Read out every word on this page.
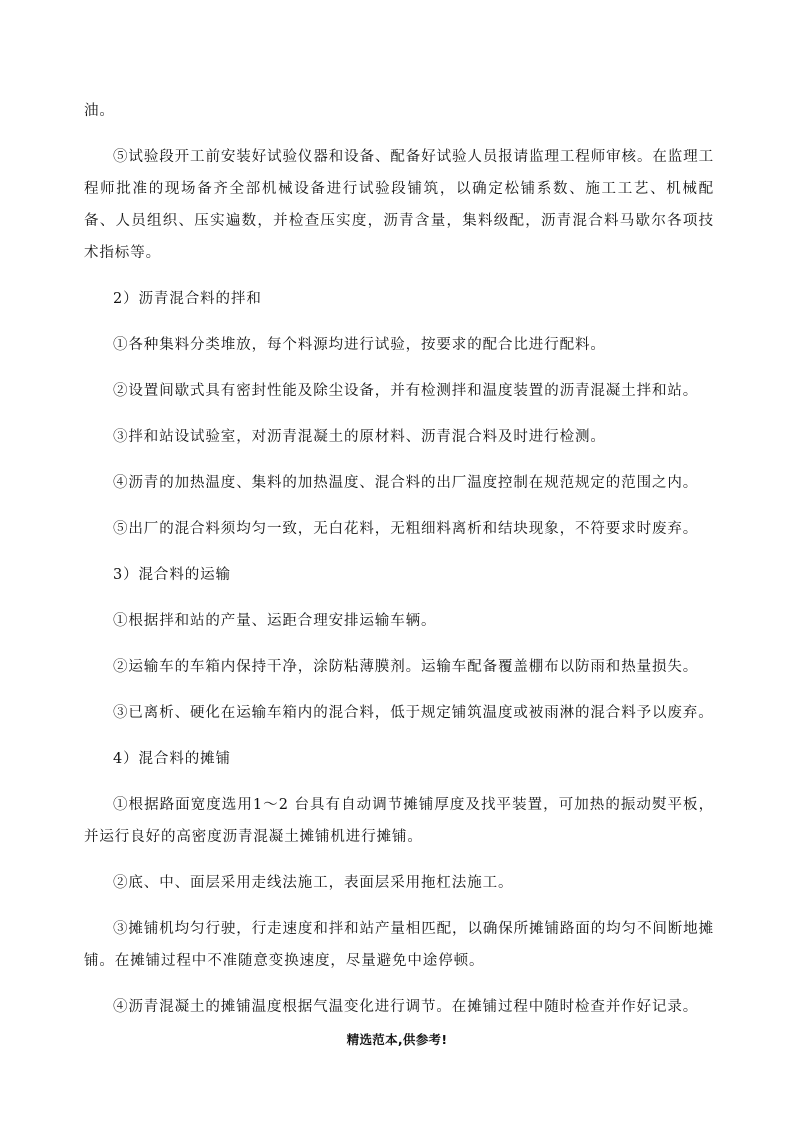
油。

⑤试验段开工前安装好试验仪器和设备、配备好试验人员报请监理工程师审核。在监理工程师批准的现场备齐全部机械设备进行试验段铺筑，以确定松铺系数、施工工艺、机械配备、人员组织、压实遍数，并检查压实度，沥青含量，集料级配，沥青混合料马歇尔各项技术指标等。

2）沥青混合料的拌和

①各种集料分类堆放，每个料源均进行试验，按要求的配合比进行配料。

②设置间歇式具有密封性能及除尘设备，并有检测拌和温度装置的沥青混凝土拌和站。

③拌和站设试验室，对沥青混凝土的原材料、沥青混合料及时进行检测。

④沥青的加热温度、集料的加热温度、混合料的出厂温度控制在规范规定的范围之内。

⑤出厂的混合料须均匀一致，无白花料，无粗细料离析和结块现象，不符要求时废弃。

3）混合料的运输

①根据拌和站的产量、运距合理安排运输车辆。

②运输车的车箱内保持干净，涂防粘薄膜剂。运输车配备覆盖棚布以防雨和热量损失。

③已离析、硬化在运输车箱内的混合料，低于规定铺筑温度或被雨淋的混合料予以废弃。

4）混合料的摊铺

①根据路面宽度选用1～2 台具有自动调节摊铺厚度及找平装置，可加热的振动熨平板，并运行良好的高密度沥青混凝土摊铺机进行摊铺。

②底、中、面层采用走线法施工，表面层采用拖杠法施工。

③摊铺机均匀行驶，行走速度和拌和站产量相匹配，以确保所摊铺路面的均匀不间断地摊铺。在摊铺过程中不准随意变换速度，尽量避免中途停顿。

④沥青混凝土的摊铺温度根据气温变化进行调节。在摊铺过程中随时检查并作好记录。

精选范本,供参考!
